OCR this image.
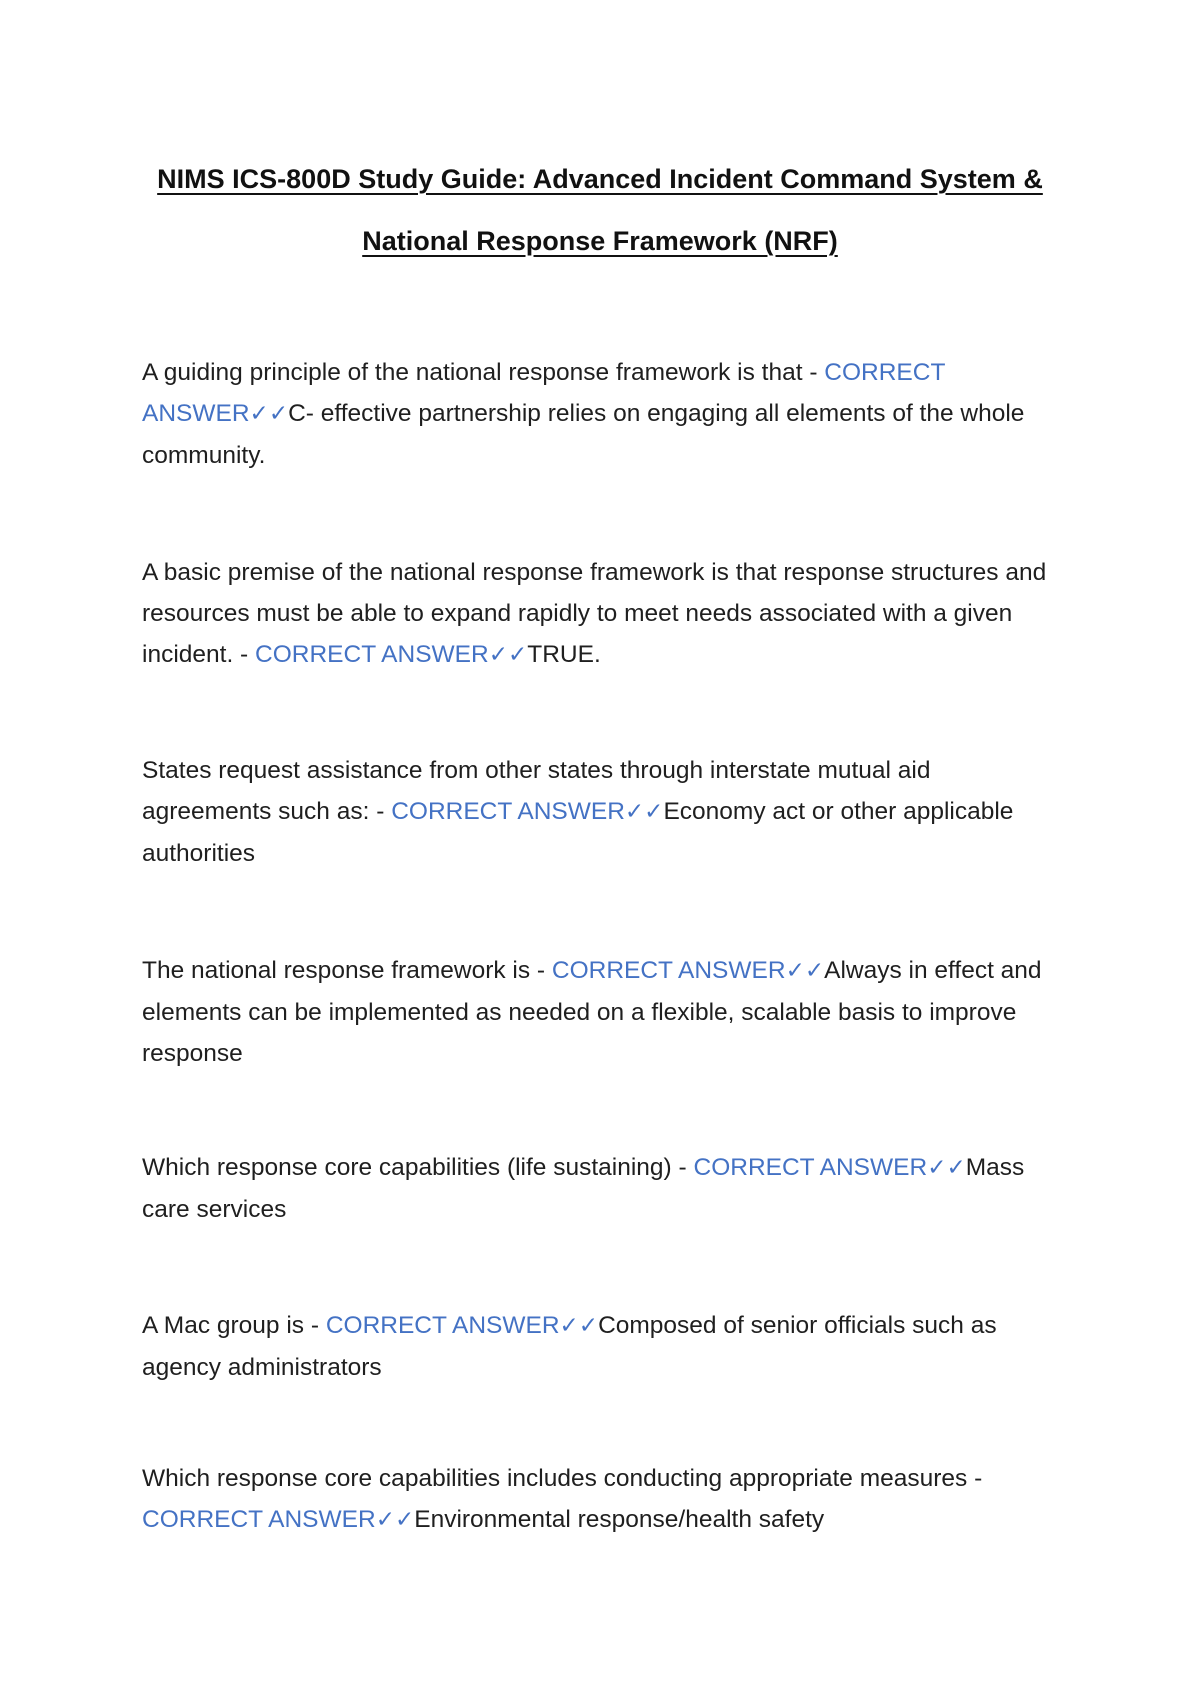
NIMS ICS-800D Study Guide: Advanced Incident Command System & National Response Framework (NRF)

A guiding principle of the national response framework is that - CORRECT ANSWER✓✓C- effective partnership relies on engaging all elements of the whole community.

A basic premise of the national response framework is that response structures and resources must be able to expand rapidly to meet needs associated with a given incident. - CORRECT ANSWER✓✓TRUE.

States request assistance from other states through interstate mutual aid agreements such as: - CORRECT ANSWER✓✓Economy act or other applicable authorities

The national response framework is - CORRECT ANSWER✓✓Always in effect and elements can be implemented as needed on a flexible, scalable basis to improve response

Which response core capabilities (life sustaining) - CORRECT ANSWER✓✓Mass care services

A Mac group is - CORRECT ANSWER✓✓Composed of senior officials such as agency administrators

Which response core capabilities includes conducting appropriate measures - CORRECT ANSWER✓✓Environmental response/health safety
